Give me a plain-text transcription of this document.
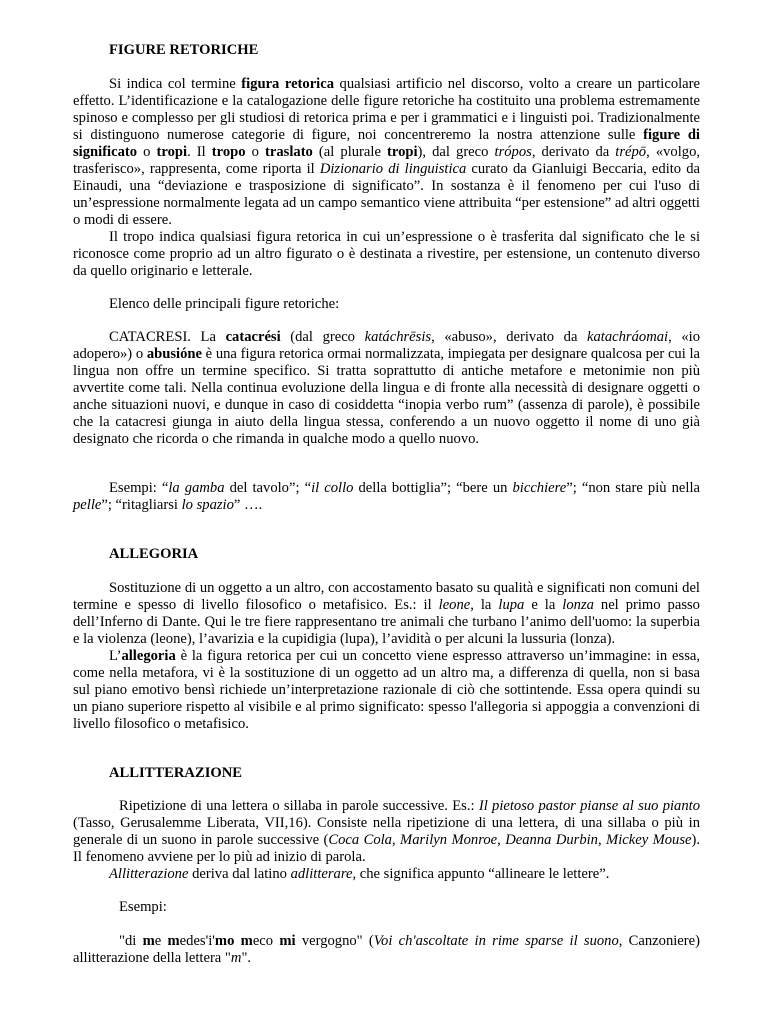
FIGURE RETORICHE

Si indica col termine figura retorica qualsiasi artificio nel discorso, volto a creare un particolare effetto. L’identificazione e la catalogazione delle figure retoriche ha costituito una problema estremamente spinoso e complesso per gli studiosi di retorica prima e per i grammatici e i linguisti poi. Tradizionalmente si distinguono numerose categorie di figure, noi concentreremo la nostra attenzione sulle figure di significato o tropi. Il tropo o traslato (al plurale tropi), dal greco trópos, derivato da trépō, «volgo, trasferisco», rappresenta, come riporta il Dizionario di linguistica curato da Gianluigi Beccaria, edito da Einaudi, una “deviazione e trasposizione di significato”. In sostanza è il fenomeno per cui l'uso di un’espressione normalmente legata ad un campo semantico viene attribuita “per estensione” ad altri oggetti o modi di essere.

Il tropo indica qualsiasi figura retorica in cui un’espressione o è trasferita dal significato che le si riconosce come proprio ad un altro figurato o è destinata a rivestire, per estensione, un contenuto diverso da quello originario e letterale.

Elenco delle principali figure retoriche:

CATACRESI. La catacrési (dal greco katáchrēsis, «abuso», derivato da katachráomai, «io adopero») o abusióne è una figura retorica ormai normalizzata, impiegata per designare qualcosa per cui la lingua non offre un termine specifico. Si tratta soprattutto di antiche metafore e metonimie non più avvertite come tali. Nella continua evoluzione della lingua e di fronte alla necessità di designare oggetti o anche situazioni nuovi, e dunque in caso di cosiddetta “inopia verbo rum” (assenza di parole), è possibile che la catacresi giunga in aiuto della lingua stessa, conferendo a un nuovo oggetto il nome di uno già designato che ricorda o che rimanda in qualche modo a quello nuovo.

Esempi: “la gamba del tavolo”; “il collo della bottiglia”; “bere un bicchiere”; “non stare più nella pelle”; “ritagliarsi lo spazio” ….

ALLEGORIA

Sostituzione di un oggetto a un altro, con accostamento basato su qualità e significati non comuni del termine e spesso di livello filosofico o metafisico. Es.: il leone, la lupa e la lonza nel primo passo dell’Inferno di Dante. Qui le tre fiere rappresentano tre animali che turbano l’animo dell'uomo: la superbia e la violenza (leone), l’avarizia e la cupidigia (lupa), l’avidità o per alcuni la lussuria (lonza).

L’allegoria è la figura retorica per cui un concetto viene espresso attraverso un’immagine: in essa, come nella metafora, vi è la sostituzione di un oggetto ad un altro ma, a differenza di quella, non si basa sul piano emotivo bensì richiede un’interpretazione razionale di ciò che sottintende. Essa opera quindi su un piano superiore rispetto al visibile e al primo significato: spesso l'allegoria si appoggia a convenzioni di livello filosofico o metafisico.

ALLITTERAZIONE

Ripetizione di una lettera o sillaba in parole successive. Es.: Il pietoso pastor pianse al suo pianto (Tasso, Gerusalemme Liberata, VII,16). Consiste nella ripetizione di una lettera, di una sillaba o più in generale di un suono in parole successive (Coca Cola, Marilyn Monroe, Deanna Durbin, Mickey Mouse). Il fenomeno avviene per lo più ad inizio di parola.

Allitterazione deriva dal latino adlitterare, che significa appunto “allineare le lettere”.

Esempi:

"di me medes'i'mo meco mi vergogno" (Voi ch'ascoltate in rime sparse il suono, Canzoniere) allitterazione della lettera "m".
